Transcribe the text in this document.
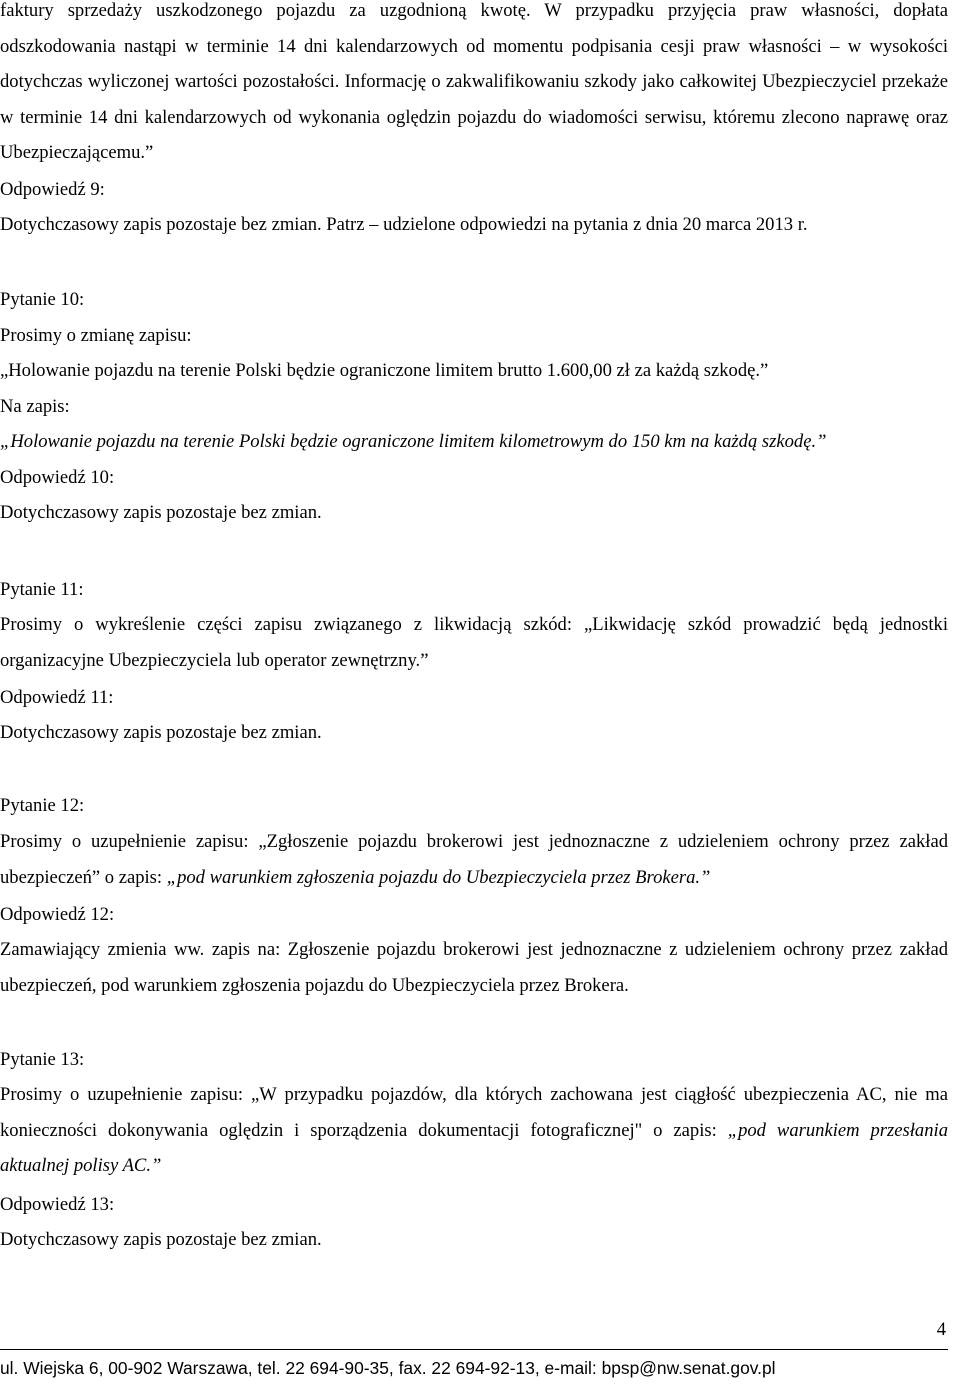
faktury sprzedaży uszkodzonego pojazdu za uzgodnioną kwotę. W przypadku przyjęcia praw własności, dopłata odszkodowania nastąpi w terminie 14 dni kalendarzowych od momentu podpisania cesji praw własności – w wysokości dotychczas wyliczonej wartości pozostałości. Informację o zakwalifikowaniu szkody jako całkowitej Ubezpieczyciel przekaże w terminie 14 dni kalendarzowych od wykonania oględzin pojazdu do wiadomości serwisu, któremu zlecono naprawę oraz Ubezpieczającemu.”

Odpowiedź 9:

Dotychczasowy zapis pozostaje bez zmian. Patrz – udzielone odpowiedzi na pytania z dnia 20 marca 2013 r.

Pytanie 10:

Prosimy o zmianę zapisu:

„Holowanie pojazdu na terenie Polski będzie ograniczone limitem brutto 1.600,00 zł za każdą szkodę.”

Na zapis:

„Holowanie pojazdu na terenie Polski będzie ograniczone limitem kilometrowym do 150 km na każdą szkodę.”

Odpowiedź 10:

Dotychczasowy zapis pozostaje bez zmian.

Pytanie 11:

Prosimy o wykreślenie części zapisu związanego z likwidacją szkód: „Likwidację szkód prowadzić będą jednostki organizacyjne Ubezpieczyciela lub operator zewnętrzny.”

Odpowiedź 11:

Dotychczasowy zapis pozostaje bez zmian.

Pytanie 12:

Prosimy o uzupełnienie zapisu: „Zgłoszenie pojazdu brokerowi jest jednoznaczne z udzieleniem ochrony przez zakład ubezpieczeń” o zapis: „pod warunkiem zgłoszenia pojazdu do Ubezpieczyciela przez Brokera.”

Odpowiedź 12:

Zamawiający zmienia ww. zapis na: Zgłoszenie pojazdu brokerowi jest jednoznaczne z udzieleniem ochrony przez zakład ubezpieczeń, pod warunkiem zgłoszenia pojazdu do Ubezpieczyciela przez Brokera.

Pytanie 13:

Prosimy o uzupełnienie zapisu: „W przypadku pojazdów, dla których zachowana jest ciągłość ubezpieczenia AC, nie ma konieczności dokonywania oględzin i sporządzenia dokumentacji fotograficznej" o zapis: „pod warunkiem przesłania aktualnej polisy AC.”

Odpowiedź 13:

Dotychczasowy zapis pozostaje bez zmian.

4
ul. Wiejska 6, 00-902 Warszawa, tel. 22 694-90-35, fax. 22 694-92-13, e-mail: bpsp@nw.senat.gov.pl
